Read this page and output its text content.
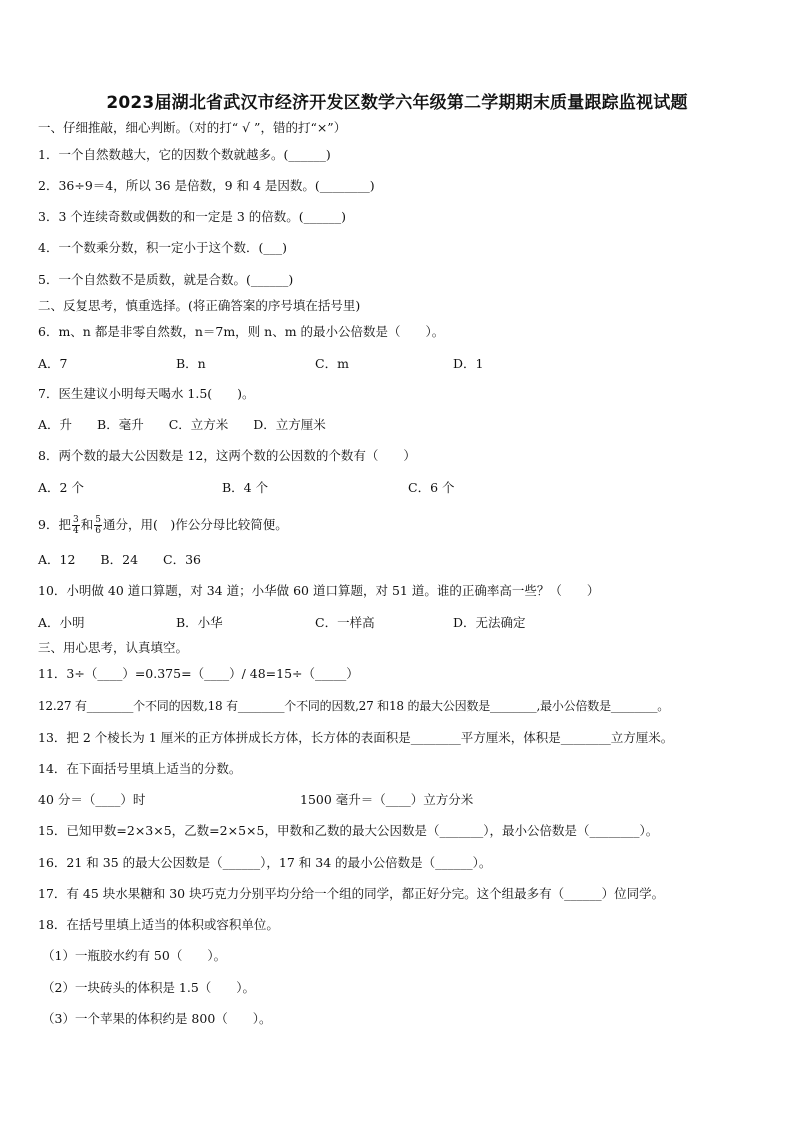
2023届湖北省武汉市经济开发区数学六年级第二学期期末质量跟踪监视试题
一、仔细推敲，细心判断。（对的打“ √ ”，错的打“×”）
1．一个自然数越大，它的因数个数就越多。(______)
2．36÷9＝4，所以 36 是倍数，9 和 4 是因数。(________)
3．3 个连续奇数或偶数的和一定是 3 的倍数。(______)
4．一个数乘分数，积一定小于这个数．(___)
5．一个自然数不是质数，就是合数。(______)
二、反复思考，慎重选择。(将正确答案的序号填在括号里)
6．m、n 都是非零自然数，n＝7m，则 n、m 的最小公倍数是（　　）。
A．7	B．n	C．m	D．1
7．医生建议小明每天喝水 1.5(　　)。
A．升　　B．毫升　　C．立方米　　D．立方厘米
8．两个数的最大公因数是 12，这两个数的公因数的个数有（　　）
A．2 个	B．4 个	C．6 个
9．把 $\frac{3}{4}$ 和 $\frac{5}{6}$ 通分，用(　)作公分母比较简便。
A．12　　B．24　　C．36
10．小明做 40 道口算题，对 34 道；小华做 60 道口算题，对 51 道。谁的正确率高一些？（　　）
A．小明	B．小华	C．一样高	D．无法确定
三、用心思考，认真填空。
11．3÷（____）=0.375=（____）/ 48=15÷（_____）
12.27 有________个不同的因数,18 有________个不同的因数,27 和18 的最大公因数是________,最小公倍数是________。
13．把 2 个棱长为 1 厘米的正方体拼成长方体，长方体的表面积是________平方厘米，体积是________立方厘米。
14．在下面括号里填上适当的分数。
40 分＝（____）时	1500 毫升＝（____）立方分米
15．已知甲数=2×3×5，乙数=2×5×5，甲数和乙数的最大公因数是（_______），最小公倍数是（________）。
16．21 和 35 的最大公因数是（______），17 和 34 的最小公倍数是（______）。
17．有 45 块水果糖和 30 块巧克力分别平均分给一个组的同学，都正好分完。这个组最多有（______）位同学。
18．在括号里填上适当的体积或容积单位。
（1）一瓶胶水约有 50（　　）。
（2）一块砖头的体积是 1.5（　　）。
（3）一个苹果的体积约是 800（　　）。
